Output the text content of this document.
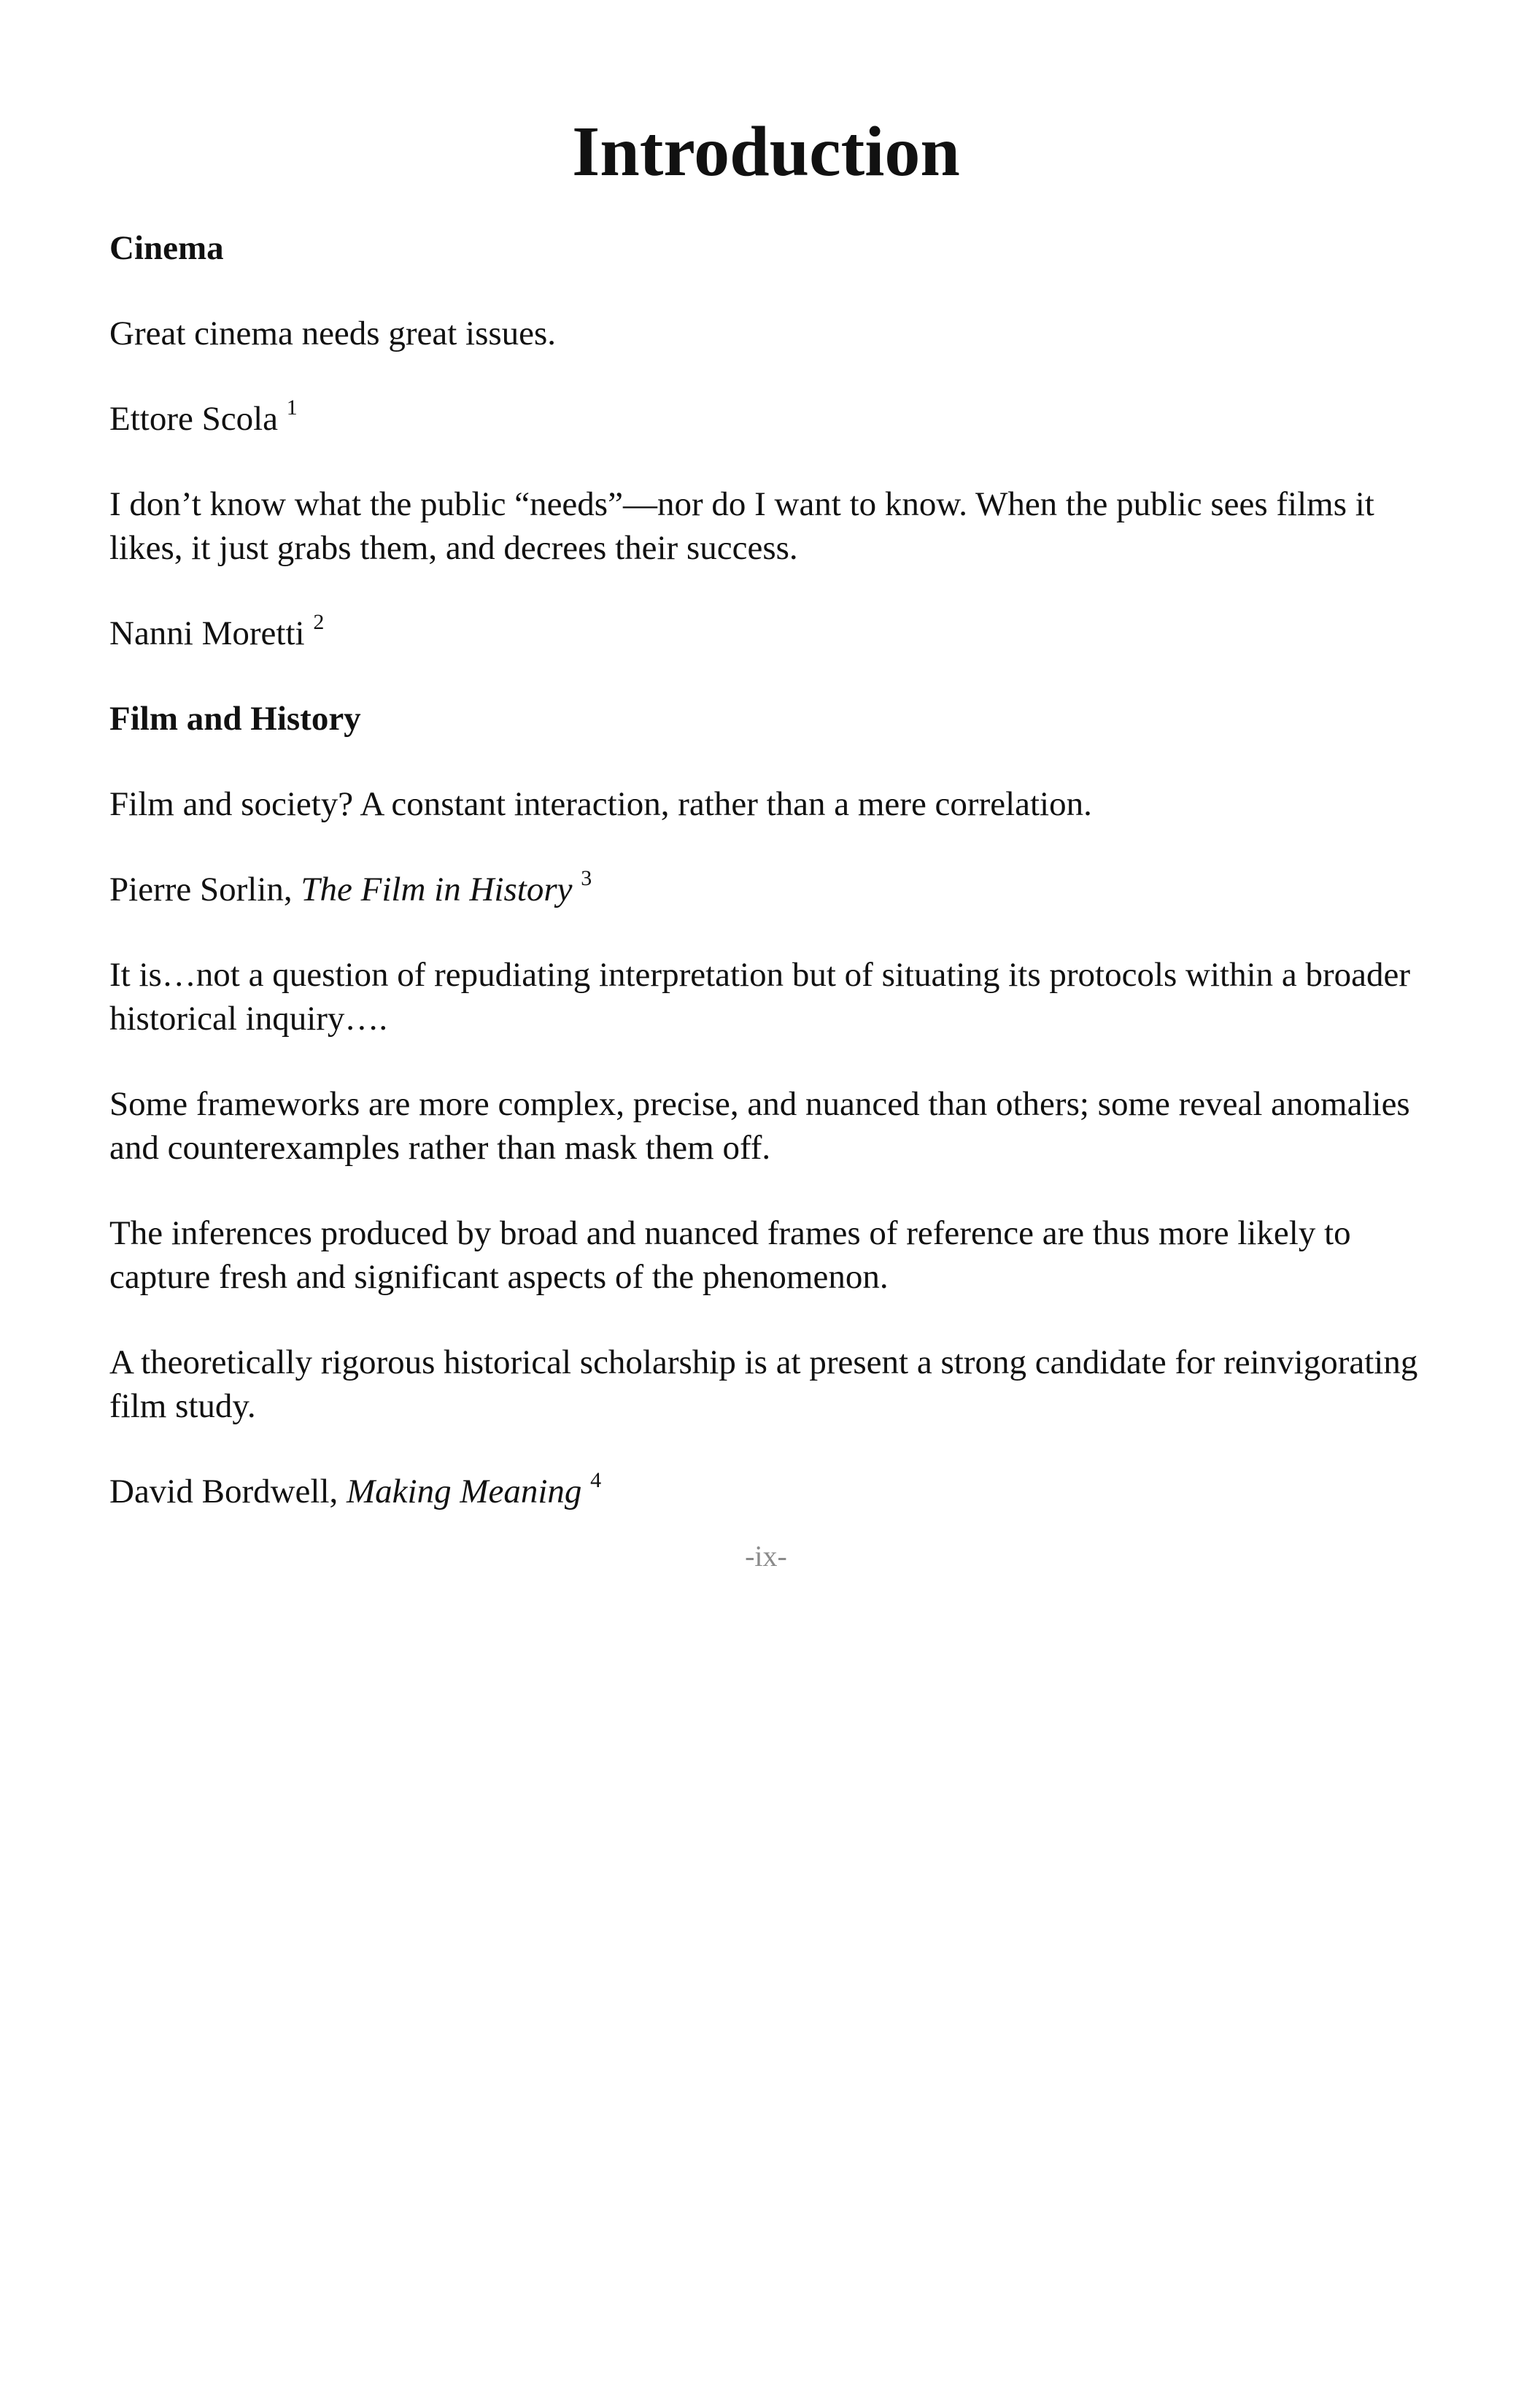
Introduction

Cinema

Great cinema needs great issues.

Ettore Scola $^1$

I don’t know what the public “needs”—nor do I want to know. When the public sees films it likes, it just grabs them, and decrees their success.

Nanni Moretti $^2$

Film and History

Film and society? A constant interaction, rather than a mere correlation.

Pierre Sorlin, The Film in History $^3$

It is…not a question of repudiating interpretation but of situating its protocols within a broader historical inquiry….

Some frameworks are more complex, precise, and nuanced than others; some reveal anomalies and counterexamples rather than mask them off.

The inferences produced by broad and nuanced frames of reference are thus more likely to capture fresh and significant aspects of the phenomenon.

A theoretically rigorous historical scholarship is at present a strong candidate for reinvigorating film study.

David Bordwell, Making Meaning $^4$

-ix-
